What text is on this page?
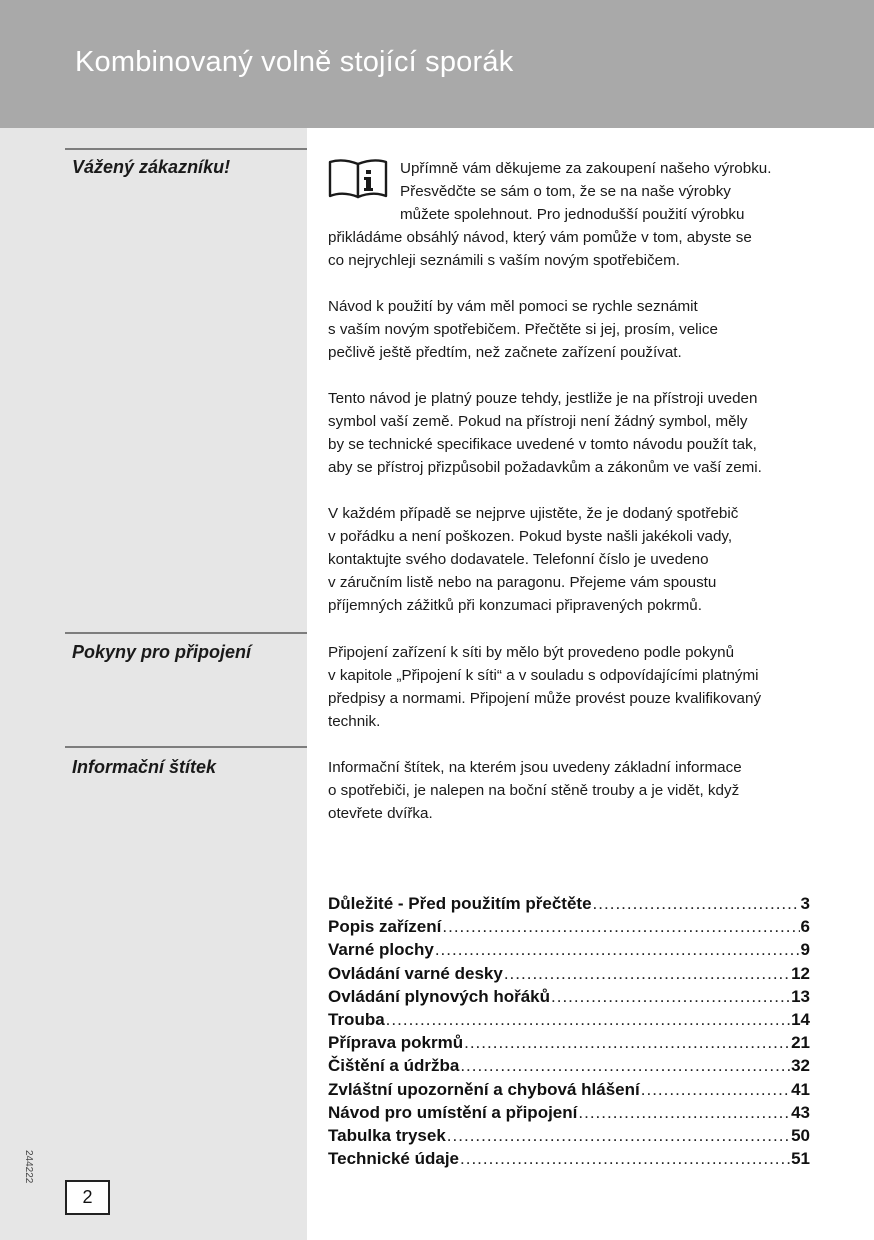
Kombinovaný volně stojící sporák
Vážený zákazníku!	Upřímně vám děkujeme za zakoupení našeho výrobku.
Přesvědčte se sám o tom, že se na naše výrobky
můžete spolehnout. Pro jednodušší použití výrobku

přikládáme obsáhlý návod, který vám pomůže v tom, abyste se
co nejrychleji seznámili s vaším novým spotřebičem.

Návod k použití by vám měl pomoci se rychle seznámit
s vaším novým spotřebičem. Přečtěte si jej, prosím, velice
pečlivě ještě předtím, než začnete zařízení používat.

Tento návod je platný pouze tehdy, jestliže je na přístroji uveden
symbol vaší země. Pokud na přístroji není žádný symbol, měly
by se technické specifikace uvedené v tomto návodu použít tak,
aby se přístroj přizpůsobil požadavkům a zákonům ve vaší zemi.

V každém případě se nejprve ujistěte, že je dodaný spotřebič
v pořádku a není poškozen. Pokud byste našli jakékoli vady,
kontaktujte svého dodavatele. Telefonní číslo je uvedeno
v záručním listě nebo na paragonu. Přejeme vám spoustu
příjemných zážitků při konzumaci připravených pokrmů.

Pokyny pro připojení	Připojení zařízení k síti by mělo být provedeno podle pokynů
v kapitole „Připojení k síti“ a v souladu s odpovídajícími platnými
předpisy a normami. Připojení může provést pouze kvalifikovaný
technik.

Informační štítek	Informační štítek, na kterém jsou uvedeny základní informace
o spotřebiči, je nalepen na boční stěně trouby a je vidět, když
otevřete dvířka.

Důležité - Před použitím přečtěte .....	3
Popis zařízení .....	6
Varné plochy .....	9
Ovládání varné desky .....	12
Ovládání plynových hořáků .....	13
Trouba .....	14
Příprava pokrmů .....	21
Čištění a údržba .....	32
Zvláštní upozornění a chybová hlášení .....	41
Návod pro umístění a připojení .....	43
Tabulka trysek .....	50
Technické údaje .....	51
244222
2
